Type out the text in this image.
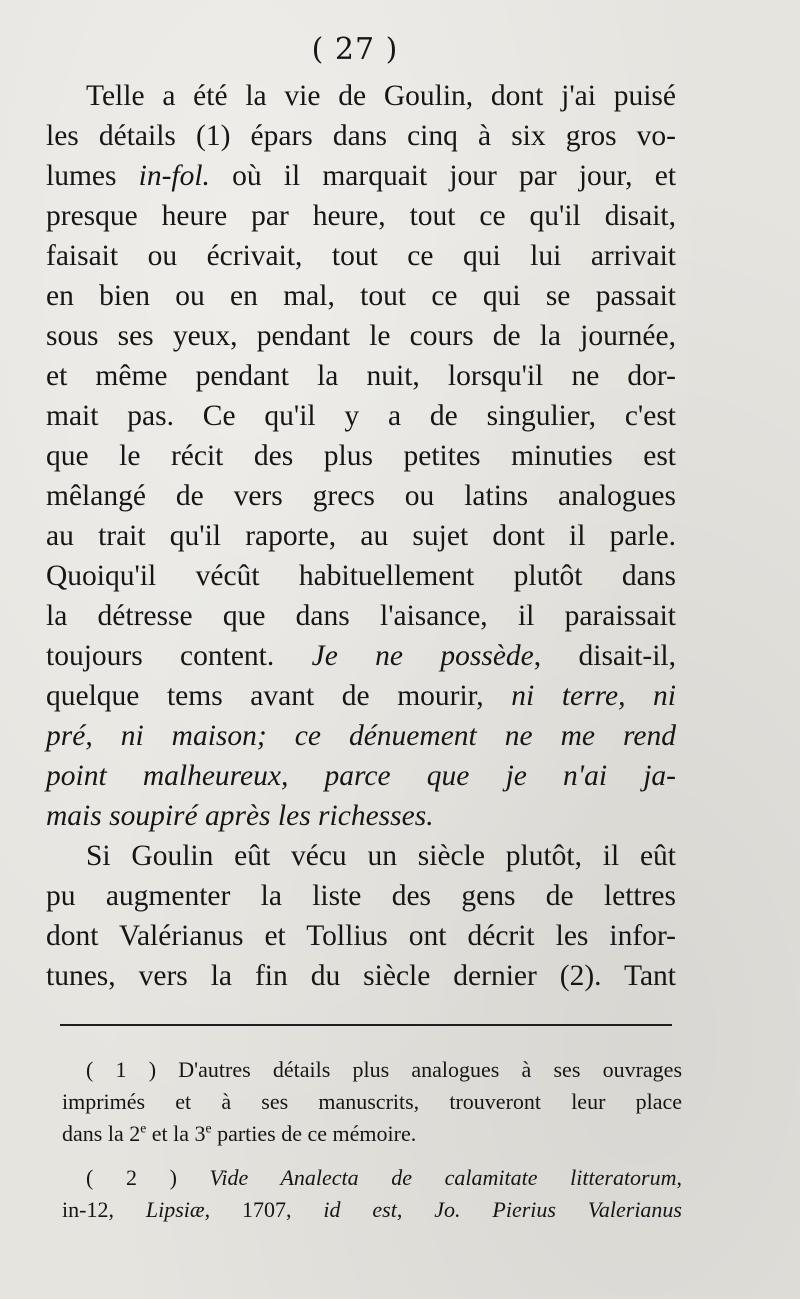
( 27 )
Telle a été la vie de Goulin, dont j'ai puisé
les détails (1) épars dans cinq à six gros vo-
lumes in-fol. où il marquait jour par jour, et
presque heure par heure, tout ce qu'il disait,
faisait ou écrivait, tout ce qui lui arrivait
en bien ou en mal, tout ce qui se passait
sous ses yeux, pendant le cours de la journée,
et même pendant la nuit, lorsqu'il ne dor-
mait pas. Ce qu'il y a de singulier, c'est
que le récit des plus petites minuties est
mêlangé de vers grecs ou latins analogues
au trait qu'il raporte, au sujet dont il parle.
Quoiqu'il vécût habituellement plutôt dans
la détresse que dans l'aisance, il paraissait
toujours content. Je ne possède, disait-il,
quelque tems avant de mourir, ni terre, ni
pré, ni maison; ce dénuement ne me rend
point malheureux, parce que je n'ai ja-
mais soupiré après les richesses.
Si Goulin eût vécu un siècle plutôt, il eût
pu augmenter la liste des gens de lettres
dont Valérianus et Tollius ont décrit les infor-
tunes, vers la fin du siècle dernier (2). Tant
( 1 ) D'autres détails plus analogues à ses ouvrages
imprimés et à ses manuscrits, trouveront leur place
dans la 2e et la 3e parties de ce mémoire.
( 2 ) Vide Analecta de calamitate litteratorum,
in-12, Lipsiæ, 1707, id est, Jo. Pierius Valerianus
